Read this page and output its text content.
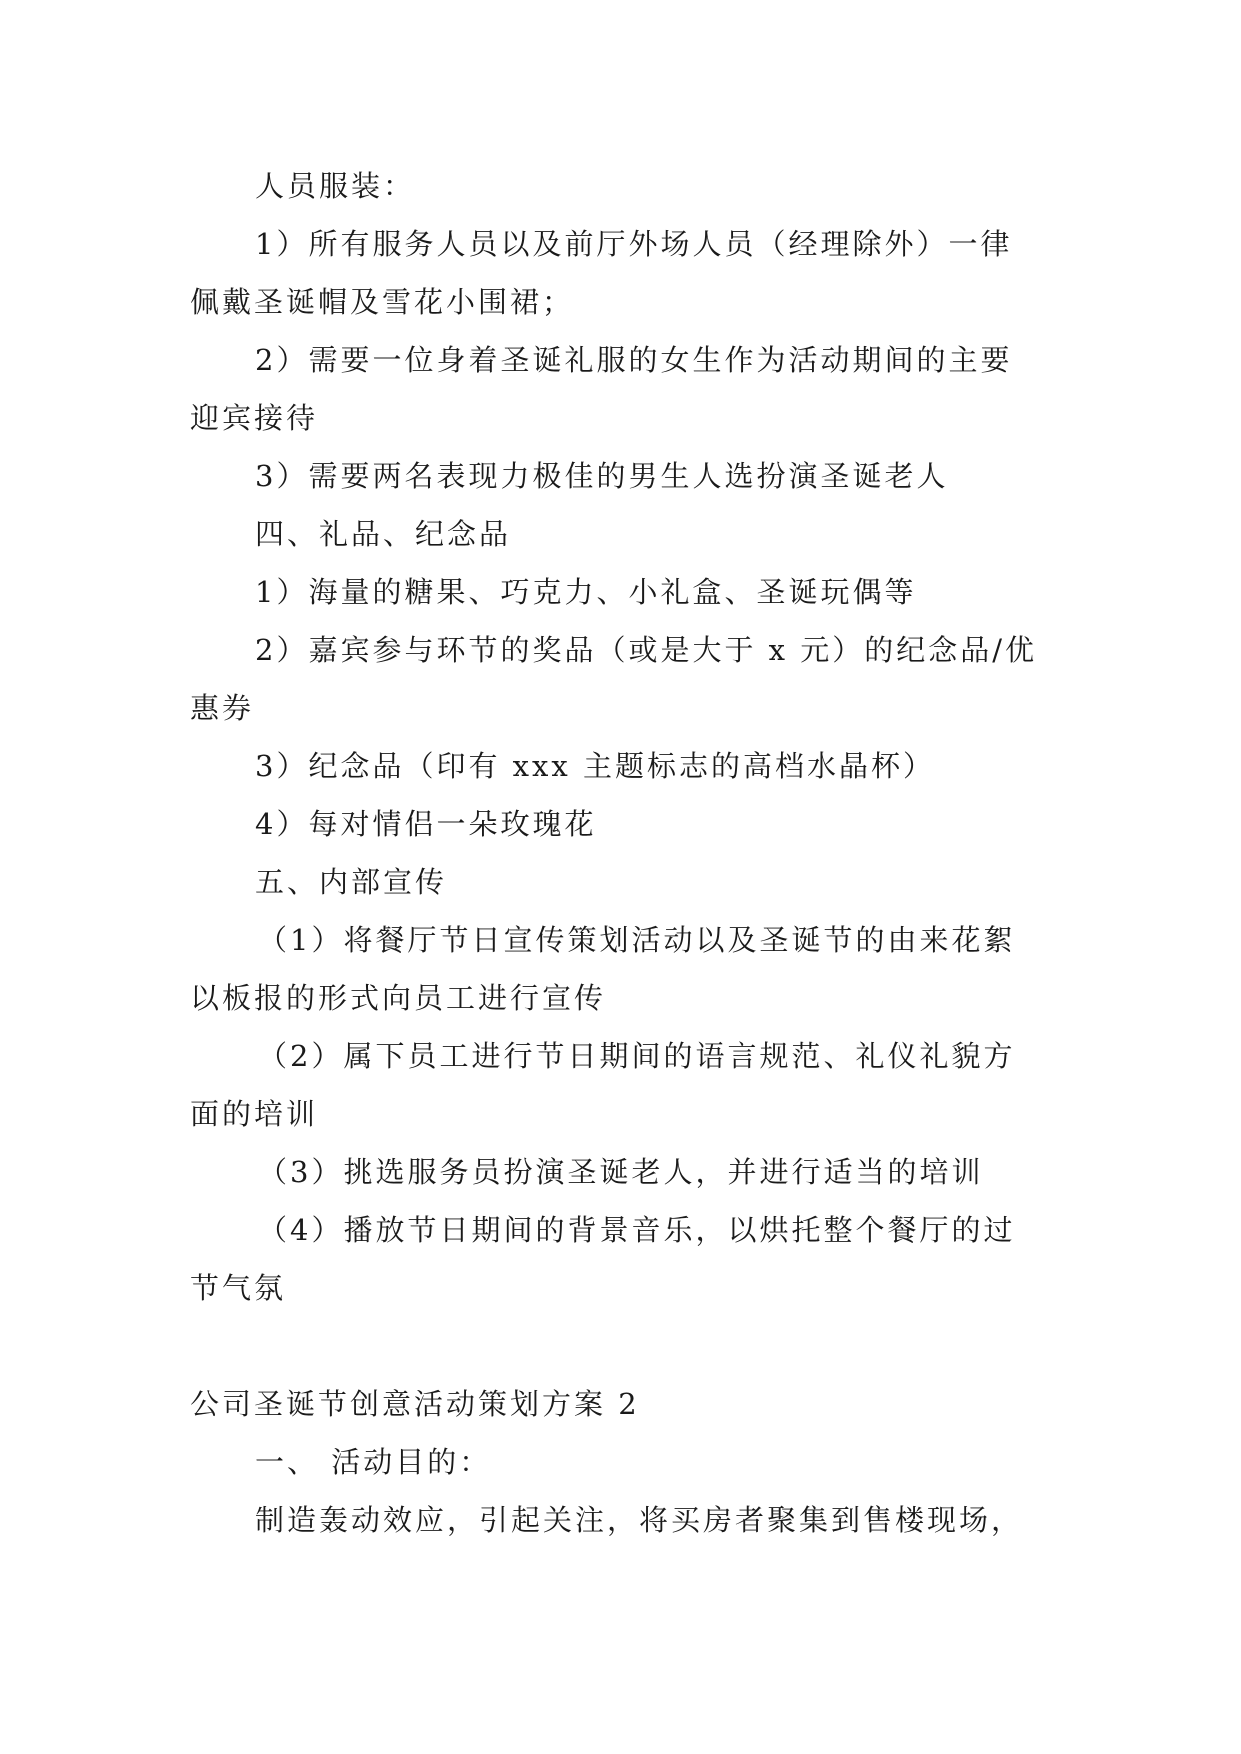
人员服装：
1）所有服务人员以及前厅外场人员（经理除外）一律
佩戴圣诞帽及雪花小围裙；
2）需要一位身着圣诞礼服的女生作为活动期间的主要
迎宾接待
3）需要两名表现力极佳的男生人选扮演圣诞老人
四、礼品、纪念品
1）海量的糖果、巧克力、小礼盒、圣诞玩偶等
2）嘉宾参与环节的奖品（或是大于 x 元）的纪念品/优
惠券
3）纪念品（印有 xxx 主题标志的高档水晶杯）
4）每对情侣一朵玫瑰花
五、内部宣传
（1）将餐厅节日宣传策划活动以及圣诞节的由来花絮
以板报的形式向员工进行宣传
（2）属下员工进行节日期间的语言规范、礼仪礼貌方
面的培训
（3）挑选服务员扮演圣诞老人，并进行适当的培训
（4）播放节日期间的背景音乐，以烘托整个餐厅的过
节气氛
公司圣诞节创意活动策划方案 2
一、 活动目的：
制造轰动效应，引起关注，将买房者聚集到售楼现场，
